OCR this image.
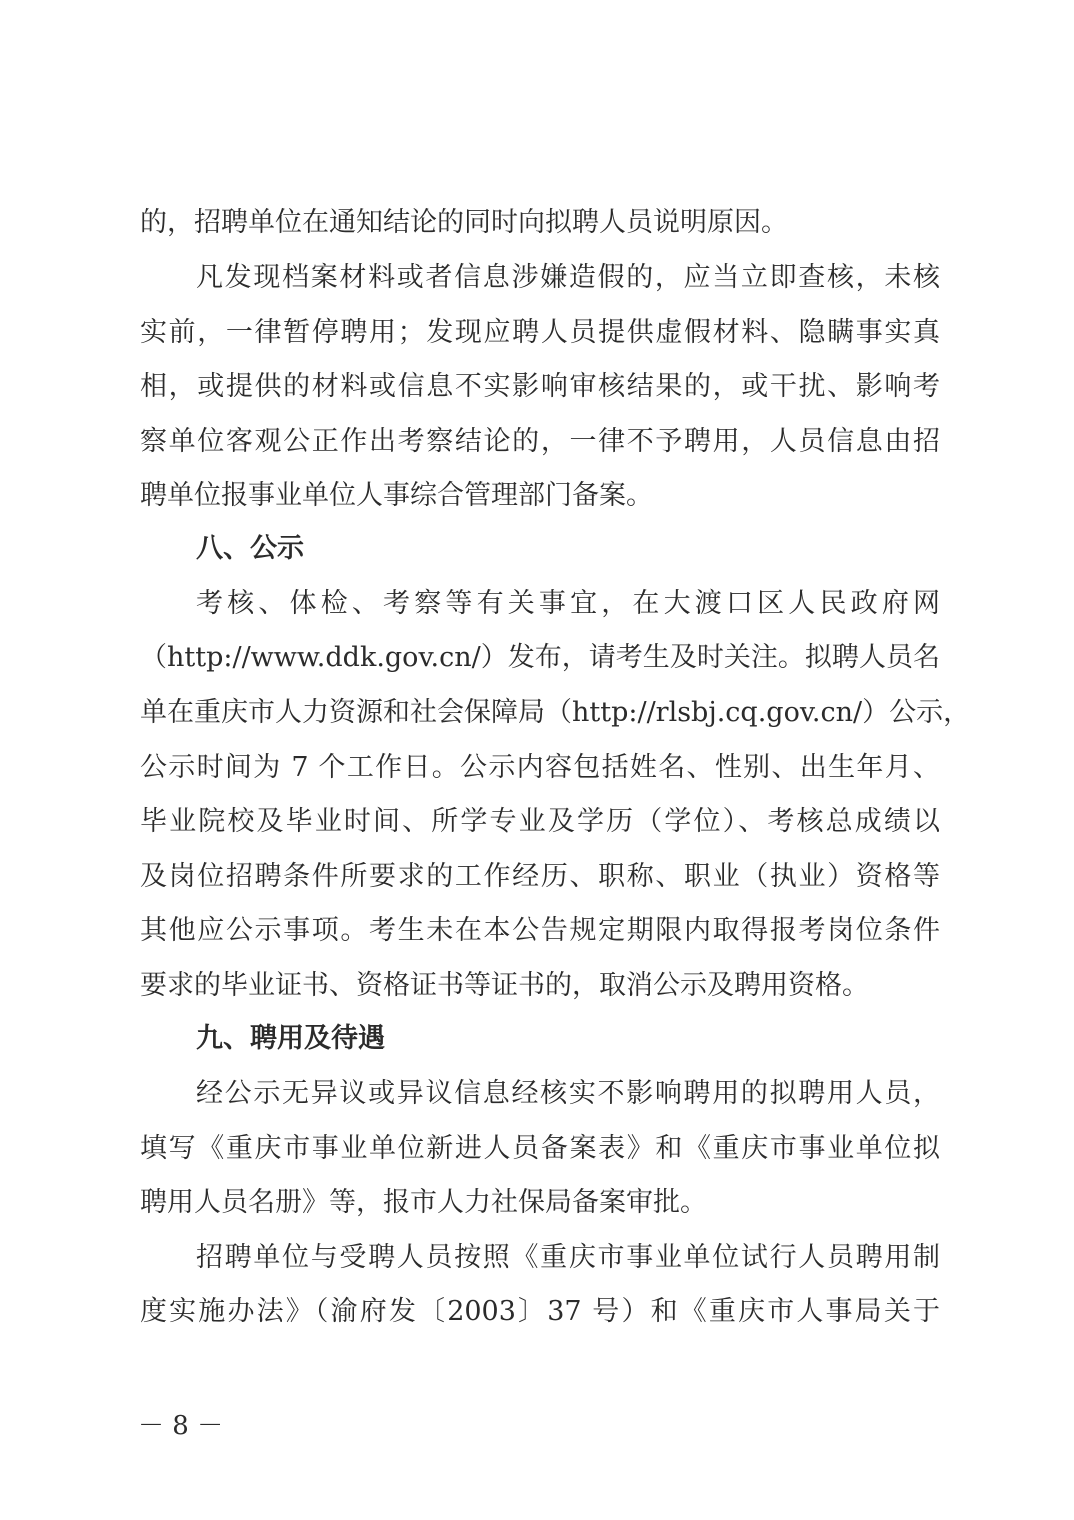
的，招聘单位在通知结论的同时向拟聘人员说明原因。
凡发现档案材料或者信息涉嫌造假的，应当立即查核，未核
实前，一律暂停聘用；发现应聘人员提供虚假材料、隐瞒事实真
相，或提供的材料或信息不实影响审核结果的，或干扰、影响考
察单位客观公正作出考察结论的，一律不予聘用，人员信息由招
聘单位报事业单位人事综合管理部门备案。
八、公示
考核、体检、考察等有关事宜，在大渡口区人民政府网
（http://www.ddk.gov.cn/）发布，请考生及时关注。拟聘人员名
单在重庆市人力资源和社会保障局（http://rlsbj.cq.gov.cn/）公示，
公示时间为 7 个工作日。公示内容包括姓名、性别、出生年月、
毕业院校及毕业时间、所学专业及学历（学位）、考核总成绩以
及岗位招聘条件所要求的工作经历、职称、职业（执业）资格等
其他应公示事项。考生未在本公告规定期限内取得报考岗位条件
要求的毕业证书、资格证书等证书的，取消公示及聘用资格。
九、聘用及待遇
经公示无异议或异议信息经核实不影响聘用的拟聘用人员，
填写《重庆市事业单位新进人员备案表》和《重庆市事业单位拟
聘用人员名册》等，报市人力社保局备案审批。
招聘单位与受聘人员按照《重庆市事业单位试行人员聘用制
度实施办法》（渝府发〔2003〕37 号）和《重庆市人事局关于
－ 8 －
